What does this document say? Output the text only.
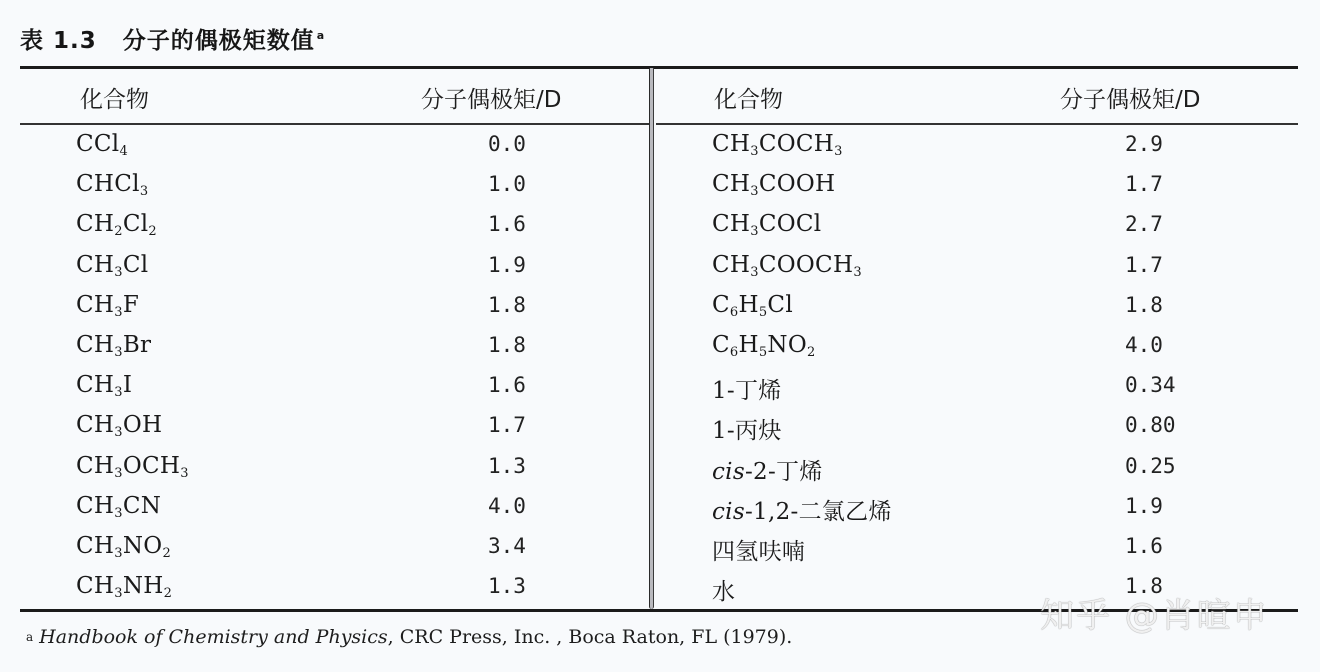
表 1.3 分子的偶极矩数值 $^a$
化合物	分子偶极矩/D
CCl$_4$	0.0
CHCl$_3$	1.0
$CH_2Cl_2$	1.6
$CH_3Cl$	1.9
$CH_3F$	1.8
$CH_3Br$	1.8
$CH_3I$	1.6
$CH_3OH$	1.7
$CH_3OCH_3$	1.3
$CH_3CN$	4.0
$CH_3NO_2$	3.4
$CH_3NH_2$	1.3
化合物	分子偶极矩/D
$CH_3COCH_3$	2.9
$CH_3COOH$	1.7
$CH_3COCl$	2.7
$CH_3COOCH_3$	1.7
$C_6H_5Cl$	1.8
$C_6H_5NO_2$	4.0
1-丁烯	0.34
1-丙炔	0.80
cis-2-丁烯	0.25
cis-1,2-二氯乙烯	1.9
四氢呋喃	1.6
水	1.8
a Handbook of Chemistry and Physics, CRC Press, Inc. , Boca Raton, FL (1979).
知乎 @肖暄申
